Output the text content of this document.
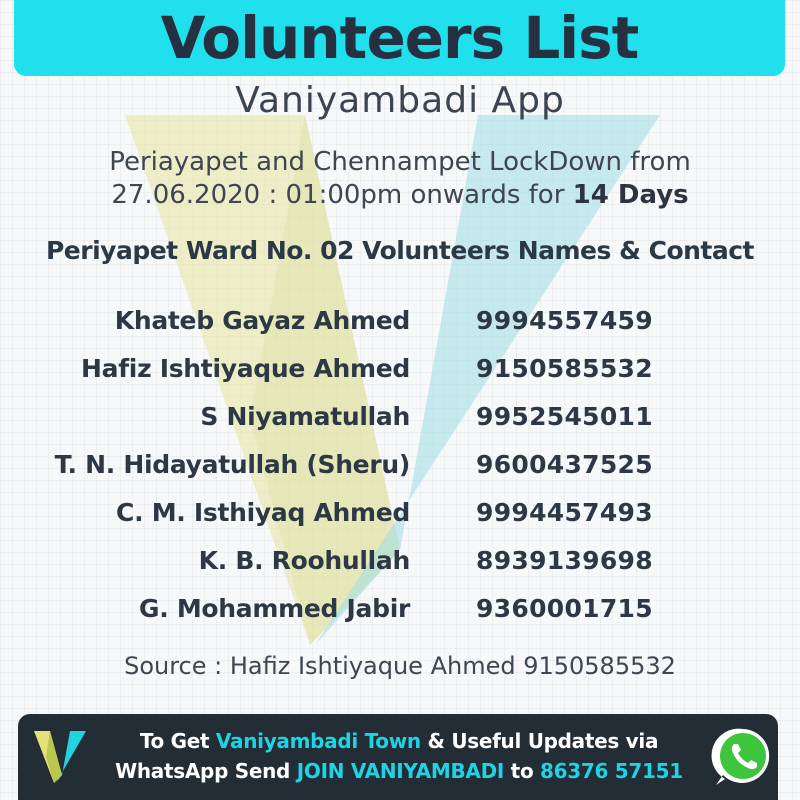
Volunteers List
Vaniyambadi App
Periayapet and Chennampet LockDown from
27.06.2020 : 01:00pm onwards for 14 Days
Periyapet Ward No. 02 Volunteers Names & Contact
Khateb Gayaz Ahmed	9994557459
Hafiz Ishtiyaque Ahmed	9150585532
S Niyamatullah	9952545011
T. N. Hidayatullah (Sheru)	9600437525
C. M. Isthiyaq Ahmed	9994457493
K. B. Roohullah	8939139698
G. Mohammed Jabir	9360001715
Source : Hafiz Ishtiyaque Ahmed 9150585532
To Get Vaniyambadi Town & Useful Updates via
WhatsApp Send JOIN VANIYAMBADI to 86376 57151
